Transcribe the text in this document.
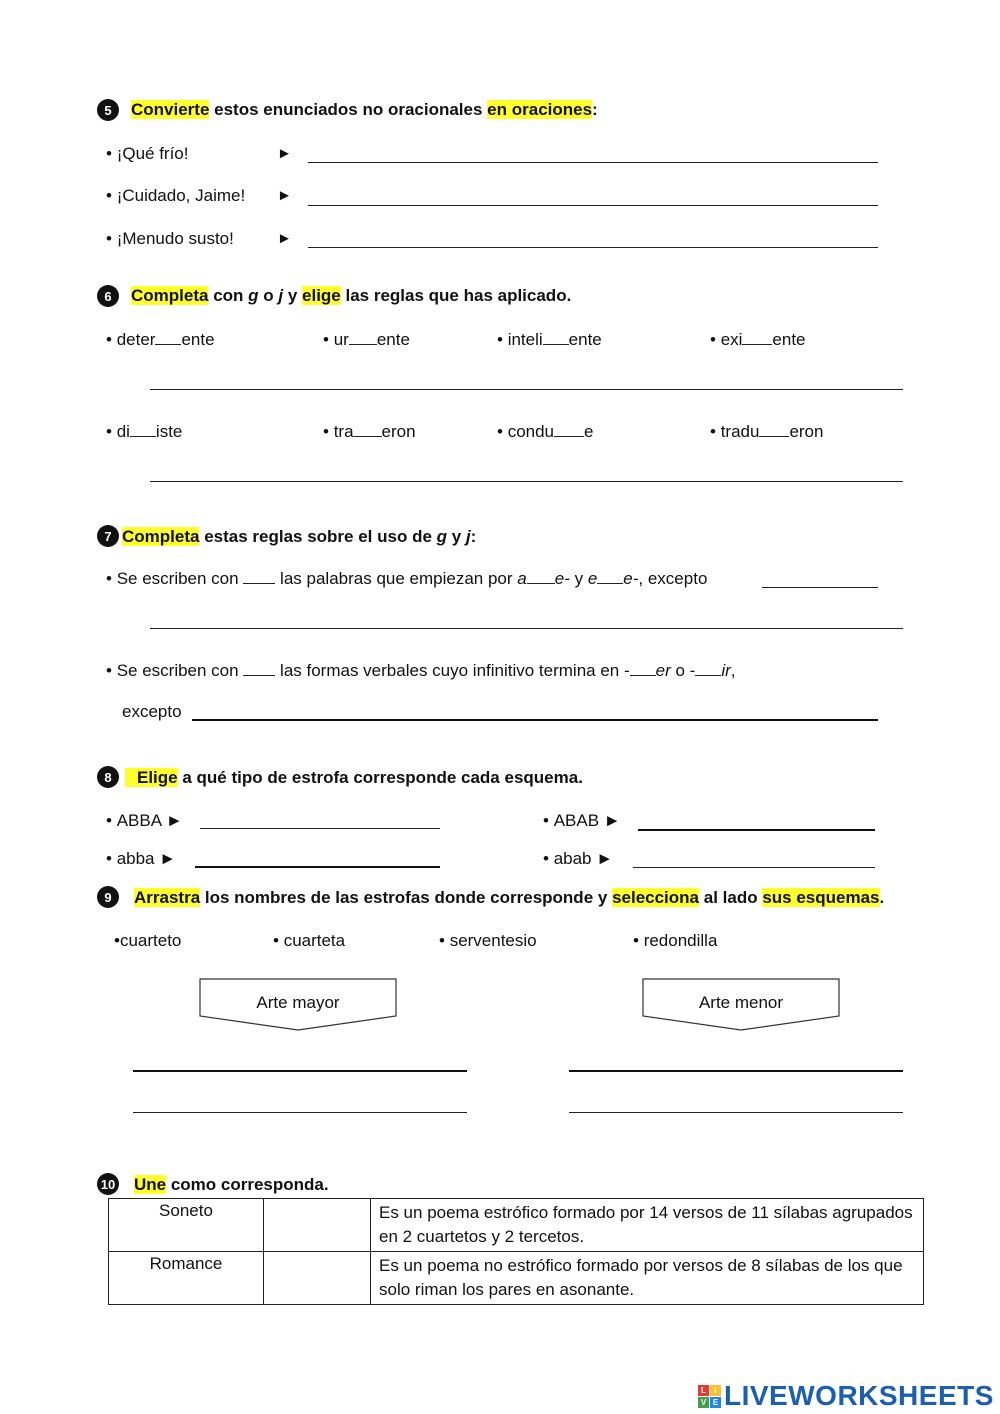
5	Convierte estos enunciados no oracionales en oraciones:
• ¡Qué frío!	►
• ¡Cuidado, Jaime! ►
• ¡Menudo susto!	►
6	Completa con g o j y elige las reglas que has aplicado.
• deter ente	• ur ente	• inteli ente	• exi ente
• di iste	• tra eron	• condu e	• tradu eron
7 Completa estas reglas sobre el uso de g y j:
• Se escriben con  las palabras que empiezan por a e- y e e-, excepto
• Se escriben con  las formas verbales cuyo infinitivo termina en - er o - ir,
excepto
8	Elige a qué tipo de estrofa corresponde cada esquema.
• ABBA ►	• ABAB ►
• abba ►	• abab ►
9	Arrastra los nombres de las estrofas donde corresponde y selecciona al lado sus esquemas.
•cuarteto	• cuarteta	• serventesio	• redondilla
Arte mayor	Arte menor
10 Une como corresponda.
Soneto		Es un poema estrófico formado por 14 versos de 11 sílabas agrupados en 2 cuartetos y 2 tercetos.
Romance		Es un poema no estrófico formado por versos de 8 sílabas de los que solo riman los pares en asonante.
L	I
V E LIVEWORKSHEETS
